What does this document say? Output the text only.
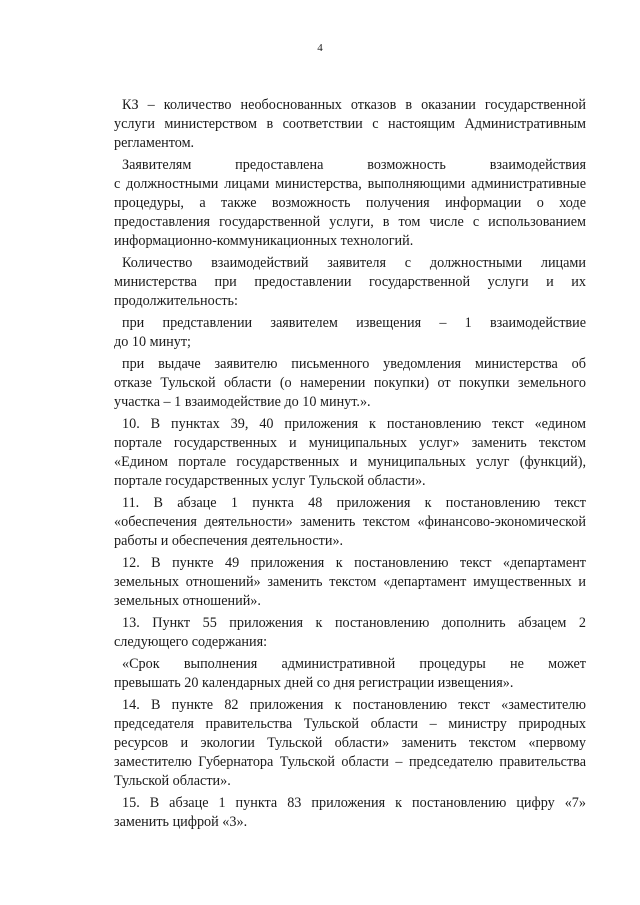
4
КЗ – количество необоснованных отказов в оказании государственной
услуги министерством в соответствии с настоящим Административным
регламентом.
Заявителям предоставлена возможность взаимодействия
с должностными лицами министерства, выполняющими административные
процедуры, а также возможность получения информации о ходе
предоставления государственной услуги, в том числе с использованием
информационно-коммуникационных технологий.
Количество взаимодействий заявителя с должностными лицами
министерства при предоставлении государственной услуги и их
продолжительность:
при представлении заявителем извещения – 1 взаимодействие
до 10 минут;
при выдаче заявителю письменного уведомления министерства об
отказе Тульской области (о намерении покупки) от покупки земельного
участка – 1 взаимодействие до 10 минут.».
10. В пунктах 39, 40 приложения к постановлению текст «едином
портале государственных и муниципальных услуг» заменить текстом
«Едином портале государственных и муниципальных услуг (функций),
портале государственных услуг Тульской области».
11. В абзаце 1 пункта 48 приложения к постановлению текст
«обеспечения деятельности» заменить текстом «финансово-экономической
работы и обеспечения деятельности».
12. В пункте 49 приложения к постановлению текст «департамент
земельных отношений» заменить текстом «департамент имущественных и
земельных отношений».
13. Пункт 55 приложения к постановлению дополнить абзацем 2
следующего содержания:
«Срок выполнения административной процедуры не может
превышать 20 календарных дней со дня регистрации извещения».
14. В пункте 82 приложения к постановлению текст «заместителю
председателя правительства Тульской области – министру природных
ресурсов и экологии Тульской области» заменить текстом «первому
заместителю Губернатора Тульской области – председателю правительства
Тульской области».
15. В абзаце 1 пункта 83 приложения к постановлению цифру «7»
заменить цифрой «3».
